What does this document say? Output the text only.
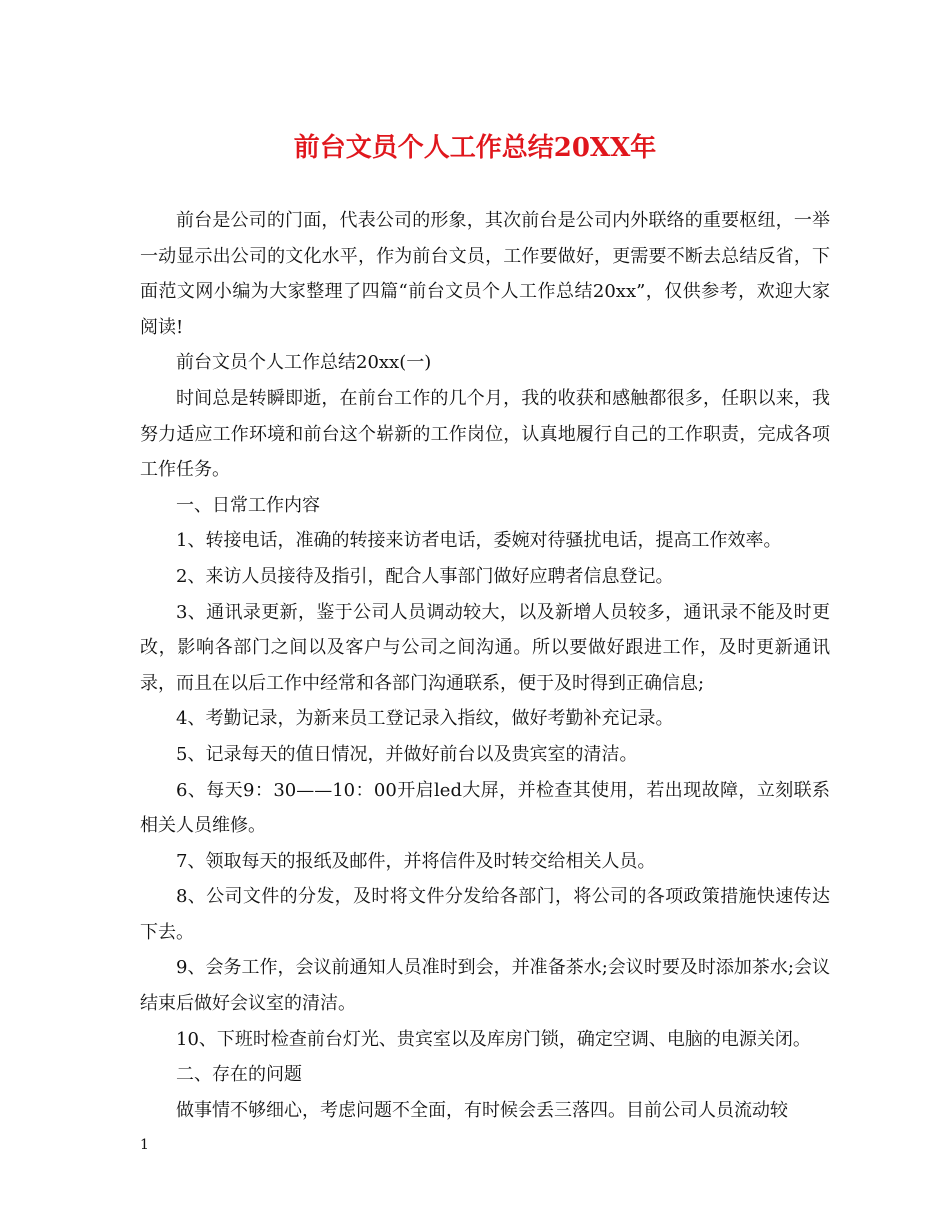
前台文员个人工作总结20XX年

前台是公司的门面，代表公司的形象，其次前台是公司内外联络的重要枢纽，一举一动显示出公司的文化水平，作为前台文员，工作要做好，更需要不断去总结反省，下面范文网小编为大家整理了四篇“前台文员个人工作总结20xx”，仅供参考，欢迎大家阅读!

前台文员个人工作总结20xx(一)

时间总是转瞬即逝，在前台工作的几个月，我的收获和感触都很多，任职以来，我努力适应工作环境和前台这个崭新的工作岗位，认真地履行自己的工作职责，完成各项工作任务。

一、日常工作内容

1、转接电话，准确的转接来访者电话，委婉对待骚扰电话，提高工作效率。

2、来访人员接待及指引，配合人事部门做好应聘者信息登记。

3、通讯录更新，鉴于公司人员调动较大，以及新增人员较多，通讯录不能及时更改，影响各部门之间以及客户与公司之间沟通。所以要做好跟进工作，及时更新通讯录，而且在以后工作中经常和各部门沟通联系，便于及时得到正确信息;

4、考勤记录，为新来员工登记录入指纹，做好考勤补充记录。

5、记录每天的值日情况，并做好前台以及贵宾室的清洁。

6、每天9：30——10：00开启led大屏，并检查其使用，若出现故障，立刻联系相关人员维修。

7、领取每天的报纸及邮件，并将信件及时转交给相关人员。

8、公司文件的分发，及时将文件分发给各部门，将公司的各项政策措施快速传达下去。

9、会务工作，会议前通知人员准时到会，并准备茶水;会议时要及时添加茶水;会议结束后做好会议室的清洁。

10、下班时检查前台灯光、贵宾室以及库房门锁，确定空调、电脑的电源关闭。

二、存在的问题

做事情不够细心，考虑问题不全面，有时候会丢三落四。目前公司人员流动较

1
